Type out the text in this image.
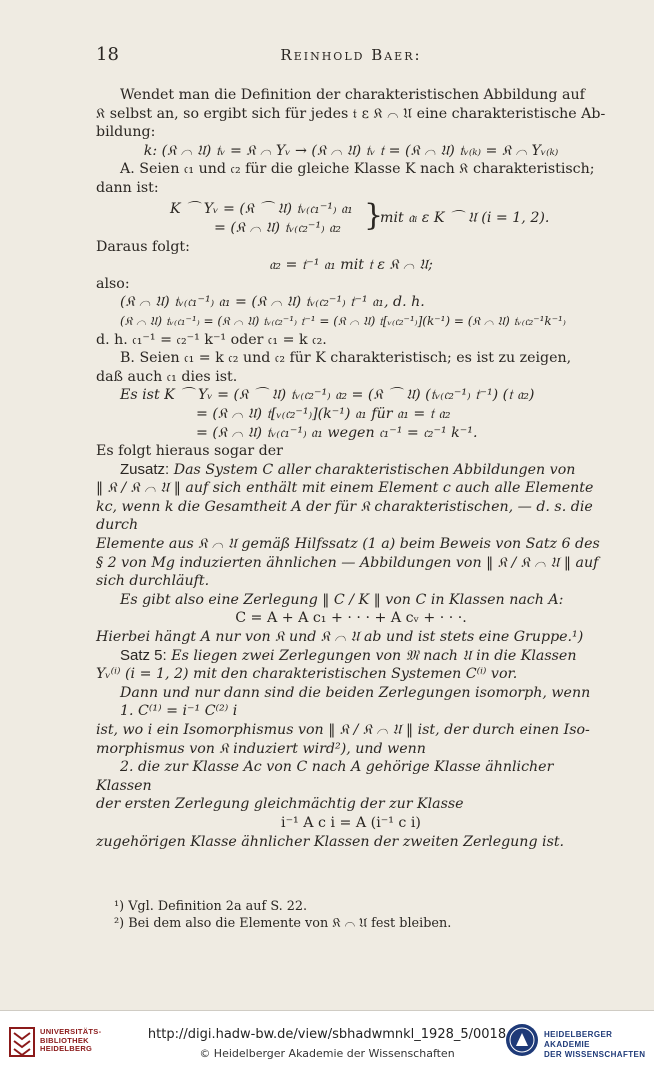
18	Reinhold Baer:

Wendet man die Definition der charakteristischen Abbildung auf

𝔎 selbst an, so ergibt sich für jedes 𝔱 ε 𝔎 ⌒ 𝔘 eine charakteristische Ab-

bildung:

k: (𝔎 ⌒ 𝔘) 𝔱ᵥ = 𝔎 ⌒ Yᵥ → (𝔎 ⌒ 𝔘) 𝔱ᵥ 𝔱 = (𝔎 ⌒ 𝔘) 𝔱ᵥ₍ₖ₎ = 𝔎 ⌒ Yᵥ₍ₖ₎

A. Seien 𝔠₁ und 𝔠₂ für die gleiche Klasse K nach 𝔎 charakteristisch;

dann ist:

K ⌒ Yᵥ = (𝔎 ⌒ 𝔘) 𝔱ᵥ₍𝔠₁⁻¹₎ 𝔞₁ }
mit 𝔞ᵢ ε K ⌒ 𝔘 (i = 1, 2).
= (𝔎 ⌒ 𝔘) 𝔱ᵥ₍𝔠₂⁻¹₎ 𝔞₂

Daraus folgt:

𝔞₂ = 𝔱⁻¹ 𝔞₁ mit 𝔱 ε 𝔎 ⌒ 𝔘;

also:

(𝔎 ⌒ 𝔘) 𝔱ᵥ₍𝔠₁⁻¹₎ 𝔞₁ = (𝔎 ⌒ 𝔘) 𝔱ᵥ₍𝔠₂⁻¹₎ 𝔱⁻¹ 𝔞₁, d. h.

(𝔎 ⌒ 𝔘) 𝔱ᵥ₍𝔠₁⁻¹₎ = (𝔎 ⌒ 𝔘) 𝔱ᵥ₍𝔠₂⁻¹₎ 𝔱⁻¹ = (𝔎 ⌒ 𝔘) 𝔱[ᵥ₍𝔠₂⁻¹₎](k⁻¹) = (𝔎 ⌒ 𝔘) 𝔱ᵥ₍𝔠₂⁻¹k⁻¹₎

d. h. 𝔠₁⁻¹ = 𝔠₂⁻¹ k⁻¹ oder 𝔠₁ = k 𝔠₂.

B. Seien 𝔠₁ = k 𝔠₂ und 𝔠₂ für K charakteristisch; es ist zu zeigen,

daß auch 𝔠₁ dies ist.

Es ist K ⌒ Yᵥ = (𝔎 ⌒ 𝔘) 𝔱ᵥ₍𝔠₂⁻¹₎ 𝔞₂ = (𝔎 ⌒ 𝔘) (𝔱ᵥ₍𝔠₂⁻¹₎ 𝔱⁻¹) (𝔱 𝔞₂)

= (𝔎 ⌒ 𝔘) 𝔱[ᵥ₍𝔠₂⁻¹₎](k⁻¹) 𝔞₁ für 𝔞₁ = 𝔱 𝔞₂

= (𝔎 ⌒ 𝔘) 𝔱ᵥ₍𝔠₁⁻¹₎ 𝔞₁ wegen 𝔠₁⁻¹ = 𝔠₂⁻¹ k⁻¹.

Es folgt hieraus sogar der

Zusatz: Das System C aller charakteristischen Abbildungen von

‖ 𝔎 / 𝔎 ⌒ 𝔘 ‖ auf sich enthält mit einem Element c auch alle Elemente

kc, wenn k die Gesamtheit A der für 𝔎 charakteristischen, — d. s. die durch

Elemente aus 𝔎 ⌒ 𝔘 gemäß Hilfssatz (1 a) beim Beweis von Satz 6 des

§ 2 von Mg induzierten ähnlichen — Abbildungen von ‖ 𝔎 / 𝔎 ⌒ 𝔘 ‖ auf

sich durchläuft.

Es gibt also eine Zerlegung ‖ C / K ‖ von C in Klassen nach A:

C = A + A c₁ + · · · + A cᵥ + · · ·.

Hierbei hängt A nur von 𝔎 und 𝔎 ⌒ 𝔘 ab und ist stets eine Gruppe.¹)

Satz 5: Es liegen zwei Zerlegungen von 𝔐 nach 𝔘 in die Klassen

Yᵥ⁽ⁱ⁾ (i = 1, 2) mit den charakteristischen Systemen C⁽ⁱ⁾ vor.

Dann und nur dann sind die beiden Zerlegungen isomorph, wenn

1. C⁽¹⁾ = i⁻¹ C⁽²⁾ i

ist, wo i ein Isomorphismus von ‖ 𝔎 / 𝔎 ⌒ 𝔘 ‖ ist, der durch einen Iso-

morphismus von 𝔎 induziert wird²), und wenn

2. die zur Klasse Ac von C nach A gehörige Klasse ähnlicher Klassen

der ersten Zerlegung gleichmächtig der zur Klasse

i⁻¹ A c i = A (i⁻¹ c i)

zugehörigen Klasse ähnlicher Klassen der zweiten Zerlegung ist.

¹) Vgl. Definition 2a auf S. 22.

²) Bei dem also die Elemente von 𝔎 ⌒ 𝔘 fest bleiben.

UNIVERSITÄTS-
BIBLIOTHEK
HEIDELBERG
http://digi.hadw-bw.de/view/sbhadwmnkl_1928_5/0018
© Heidelberger Akademie der Wissenschaften
HEIDELBERGER AKADEMIE
DER WISSENSCHAFTEN
